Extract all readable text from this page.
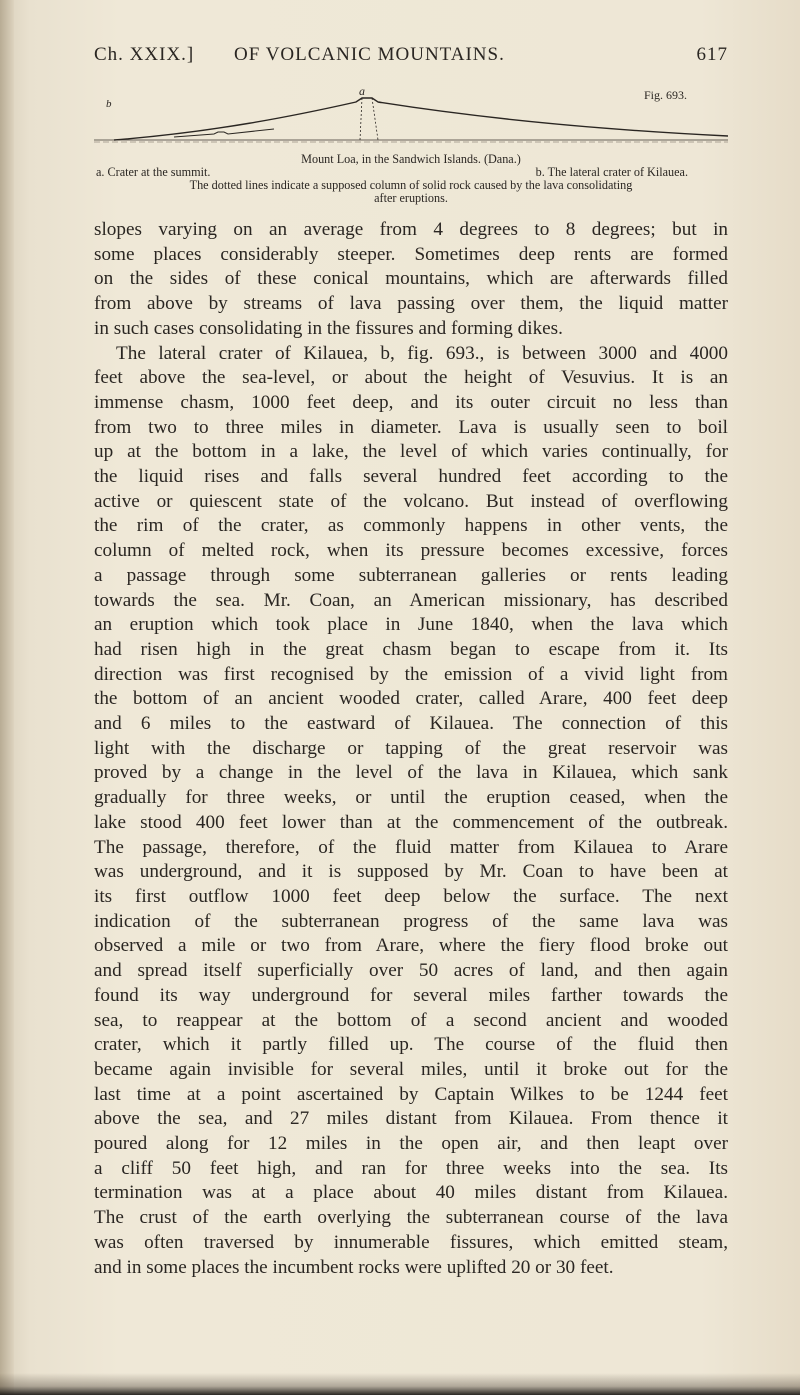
Ch. XXIX.] OF VOLCANIC MOUNTAINS.	617
a
b
Fig. 693.
Mount Loa, in the Sandwich Islands. (Dana.)
a. Crater at the summit.	b. The lateral crater of Kilauea.
The dotted lines indicate a supposed column of solid rock caused by the lava consolidating
after eruptions.
slopes varying on an average from 4 degrees to 8 degrees; but in
some places considerably steeper. Sometimes deep rents are formed
on the sides of these conical mountains, which are afterwards filled
from above by streams of lava passing over them, the liquid matter
in such cases consolidating in the fissures and forming dikes.
The lateral crater of Kilauea, b, fig. 693., is between 3000 and 4000
feet above the sea-level, or about the height of Vesuvius. It is an
immense chasm, 1000 feet deep, and its outer circuit no less than
from two to three miles in diameter. Lava is usually seen to boil
up at the bottom in a lake, the level of which varies continually, for
the liquid rises and falls several hundred feet according to the
active or quiescent state of the volcano. But instead of overflowing
the rim of the crater, as commonly happens in other vents, the
column of melted rock, when its pressure becomes excessive, forces
a passage through some subterranean galleries or rents leading
towards the sea. Mr. Coan, an American missionary, has described
an eruption which took place in June 1840, when the lava which
had risen high in the great chasm began to escape from it. Its
direction was first recognised by the emission of a vivid light from
the bottom of an ancient wooded crater, called Arare, 400 feet deep
and 6 miles to the eastward of Kilauea. The connection of this
light with the discharge or tapping of the great reservoir was
proved by a change in the level of the lava in Kilauea, which sank
gradually for three weeks, or until the eruption ceased, when the
lake stood 400 feet lower than at the commencement of the outbreak.
The passage, therefore, of the fluid matter from Kilauea to Arare
was underground, and it is supposed by Mr. Coan to have been at
its first outflow 1000 feet deep below the surface. The next
indication of the subterranean progress of the same lava was
observed a mile or two from Arare, where the fiery flood broke out
and spread itself superficially over 50 acres of land, and then again
found its way underground for several miles farther towards the
sea, to reappear at the bottom of a second ancient and wooded
crater, which it partly filled up. The course of the fluid then
became again invisible for several miles, until it broke out for the
last time at a point ascertained by Captain Wilkes to be 1244 feet
above the sea, and 27 miles distant from Kilauea. From thence it
poured along for 12 miles in the open air, and then leapt over
a cliff 50 feet high, and ran for three weeks into the sea. Its
termination was at a place about 40 miles distant from Kilauea.
The crust of the earth overlying the subterranean course of the lava
was often traversed by innumerable fissures, which emitted steam,
and in some places the incumbent rocks were uplifted 20 or 30 feet.
